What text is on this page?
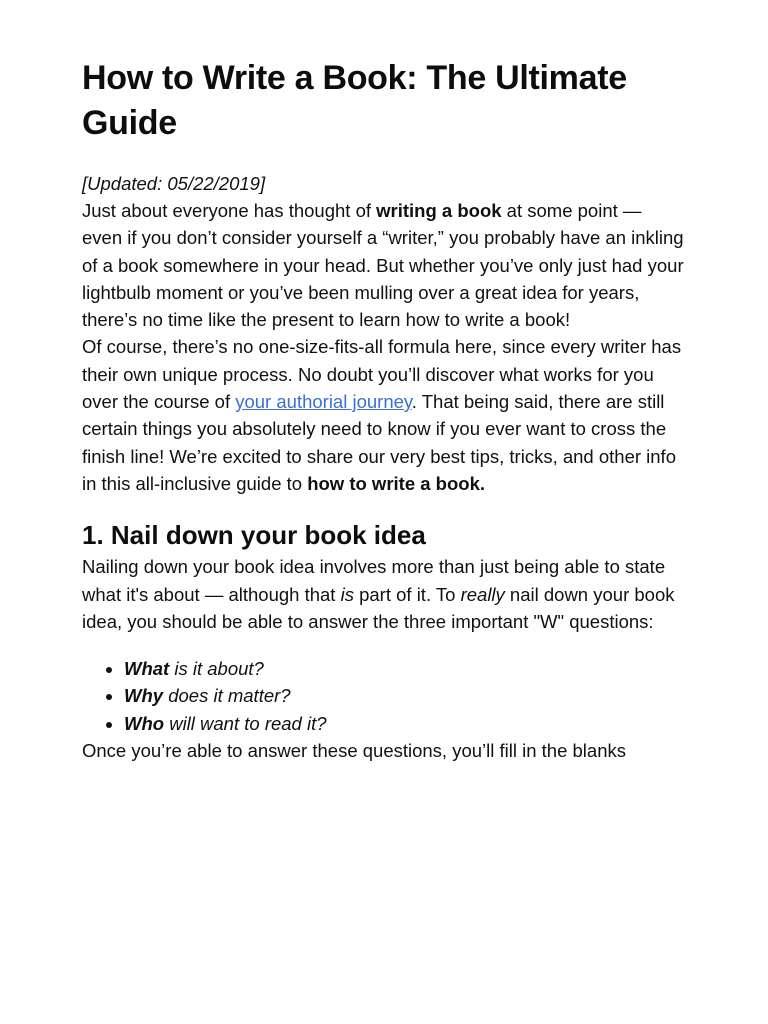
How to Write a Book: The Ultimate Guide

[Updated: 05/22/2019]

Just about everyone has thought of writing a book at some point — even if you don’t consider yourself a “writer,” you probably have an inkling of a book somewhere in your head. But whether you’ve only just had your lightbulb moment or you’ve been mulling over a great idea for years, there’s no time like the present to learn how to write a book!

Of course, there’s no one-size-fits-all formula here, since every writer has their own unique process. No doubt you’ll discover what works for you over the course of your authorial journey. That being said, there are still certain things you absolutely need to know if you ever want to cross the finish line! We’re excited to share our very best tips, tricks, and other info in this all-inclusive guide to how to write a book.

1. Nail down your book idea

Nailing down your book idea involves more than just being able to state what it's about — although that is part of it. To really nail down your book idea, you should be able to answer the three important "W" questions:

• What is it about?
• Why does it matter?
• Who will want to read it?

Once you’re able to answer these questions, you’ll fill in the blanks
